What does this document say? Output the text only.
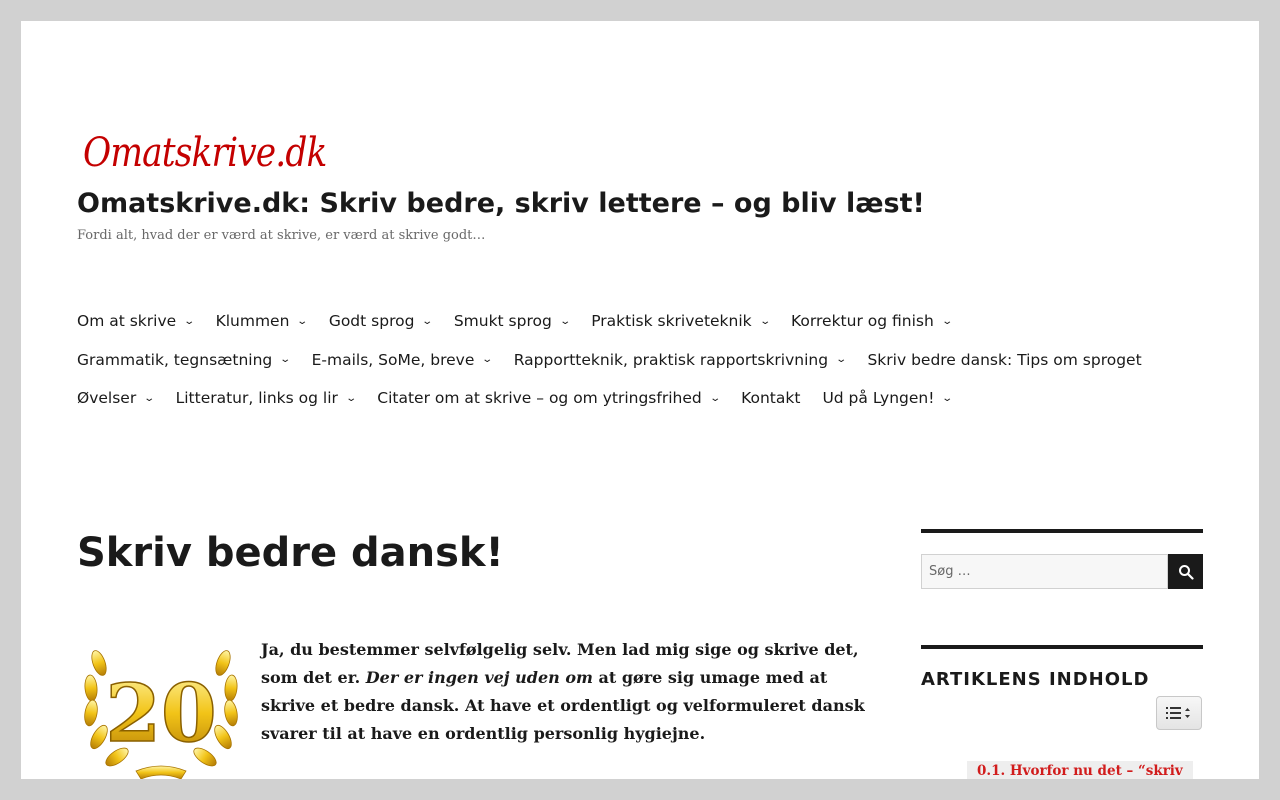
Omatskrive.dk
Omatskrive.dk: Skriv bedre, skriv lettere – og bliv læst!
Fordi alt, hvad der er værd at skrive, er værd at skrive godt…
Om at skrive ⌄ Klummen ⌄ Godt sprog ⌄ Smukt sprog ⌄ Praktisk skriveteknik ⌄ Korrektur og finish ⌄
Grammatik, tegnsætning ⌄ E-mails, SoMe, breve ⌄ Rapportteknik, praktisk rapportskrivning ⌄ Skriv bedre dansk: Tips om sproget
Øvelser ⌄ Litteratur, links og lir ⌄ Citater om at skrive – og om ytringsfrihed ⌄ Kontakt Ud på Lyngen! ⌄
Skriv bedre dansk!
20

Ja, du bestemmer selvfølgelig selv. Men lad mig sige og skrive det, som det er. Der er ingen vej uden om at gøre sig umage med at skrive et bedre dansk. At have et ordentligt og velformuleret dansk svarer til at have en ordentlig personlig hygiejne.

Søg …
ARTIKLENS INDHOLD
0.1. Hvorfor nu det – “skriv
